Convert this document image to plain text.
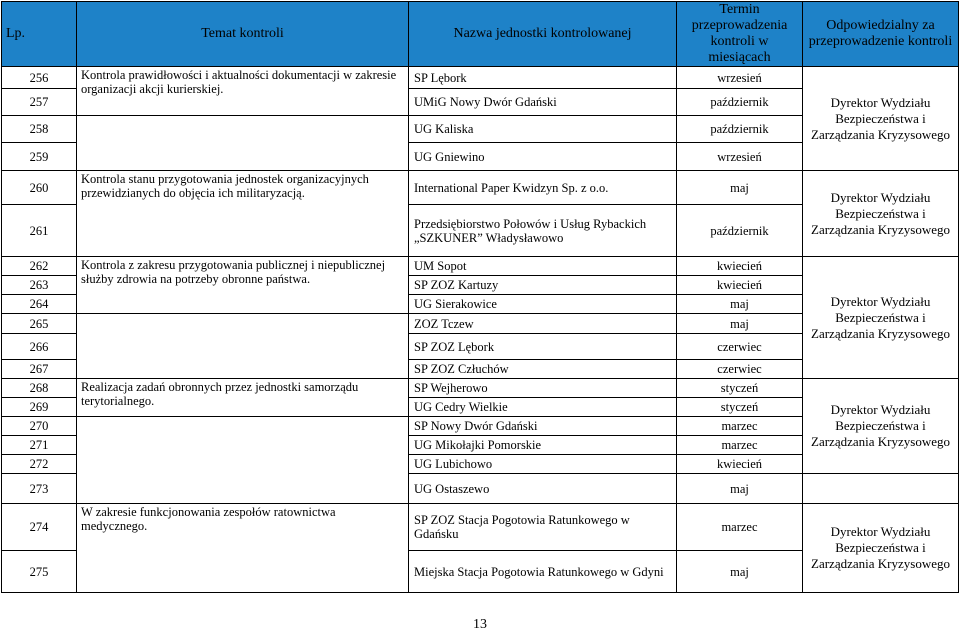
Lp.	Temat kontroli	Nazwa jednostki kontrolowanej	Termin przeprowadzenia kontroli w miesiącach	Odpowiedzialny za przeprowadzenie kontroli
256	Kontrola prawidłowości i aktualności dokumentacji w zakresie organizacji akcji kurierskiej.	SP Lębork	wrzesień	Dyrektor Wydziału Bezpieczeństwa i Zarządzania Kryzysowego
257		UMiG Nowy Dwór Gdański	październik	
258		UG Kaliska	październik	
259		UG Gniewino	wrzesień	
260	Kontrola stanu przygotowania jednostek organizacyjnych przewidzianych do objęcia ich militaryzacją.	International Paper Kwidzyn Sp. z o.o.	maj	Dyrektor Wydziału Bezpieczeństwa i Zarządzania Kryzysowego
261		Przedsiębiorstwo Połowów i Usług Rybackich „SZKUNER” Władysławowo	październik	
262	Kontrola z zakresu przygotowania publicznej i niepublicznej służby zdrowia na potrzeby obronne państwa.	UM Sopot	kwiecień	Dyrektor Wydziału Bezpieczeństwa i Zarządzania Kryzysowego
263		SP ZOZ Kartuzy	kwiecień	
264		UG Sierakowice	maj	
265		ZOZ Tczew	maj	
266		SP ZOZ Lębork	czerwiec	
267		SP ZOZ Człuchów	czerwiec	
268	Realizacja zadań obronnych przez jednostki samorządu terytorialnego.	SP Wejherowo	styczeń	Dyrektor Wydziału Bezpieczeństwa i Zarządzania Kryzysowego
269		UG Cedry Wielkie	styczeń	
270		SP Nowy Dwór Gdański	marzec	
271		UG Mikołajki Pomorskie	marzec	
272		UG Lubichowo	kwiecień	
273		UG Ostaszewo	maj	
274	W zakresie funkcjonowania zespołów ratownictwa medycznego.	SP ZOZ Stacja Pogotowia Ratunkowego w Gdańsku	marzec	Dyrektor Wydziału Bezpieczeństwa i Zarządzania Kryzysowego
275		Miejska Stacja Pogotowia Ratunkowego w Gdyni	maj	
13
